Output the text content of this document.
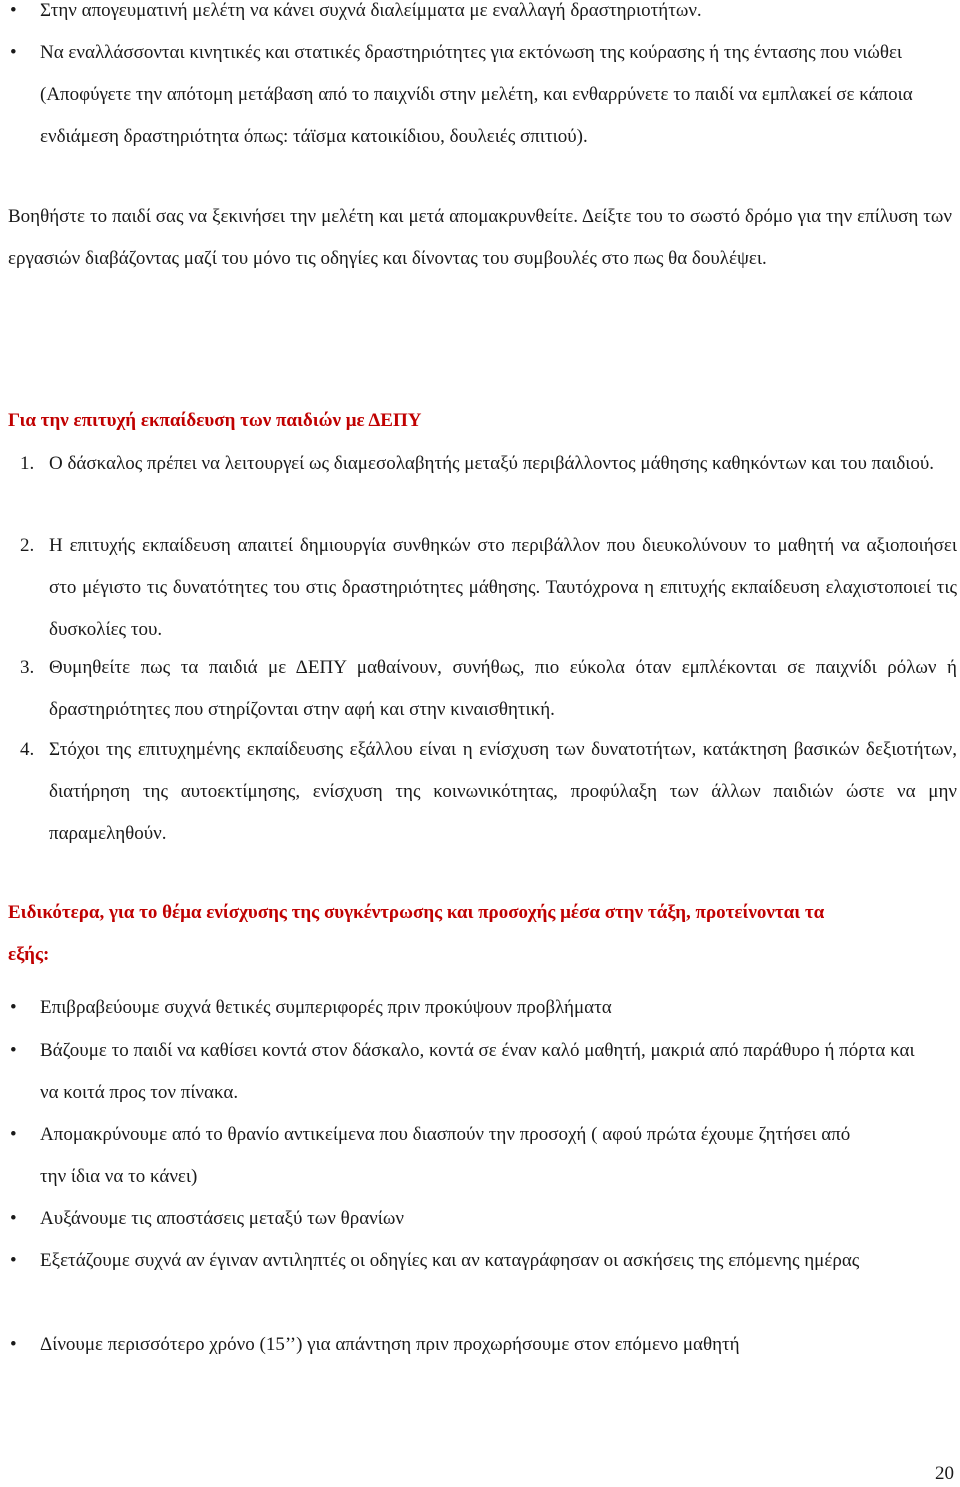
• Στην απογευματινή μελέτη να κάνει συχνά διαλείμματα με εναλλαγή δραστηριοτήτων.
• Να εναλλάσσονται κινητικές και στατικές δραστηριότητες για εκτόνωση της κούρασης ή της έντασης που νιώθει (Αποφύγετε την απότομη μετάβαση από το παιχνίδι στην μελέτη, και ενθαρρύνετε το παιδί να εμπλακεί σε κάποια ενδιάμεση δραστηριότητα όπως: τάϊσμα κατοικίδιου, δουλειές σπιτιού).
Βοηθήστε το παιδί σας να ξεκινήσει την μελέτη και μετά απομακρυνθείτε. Δείξτε του το σωστό δρόμο για την επίλυση των εργασιών διαβάζοντας μαζί του μόνο τις οδηγίες και δίνοντας του συμβουλές στο πως θα δουλέψει.
Για την επιτυχή εκπαίδευση των παιδιών με ΔΕΠΥ
1. Ο δάσκαλος πρέπει να λειτουργεί ως διαμεσολαβητής μεταξύ περιβάλλοντος μάθησης καθηκόντων και του παιδιού.
2. Η επιτυχής εκπαίδευση απαιτεί δημιουργία συνθηκών στο περιβάλλον που διευκολύνουν το μαθητή να αξιοποιήσει στο μέγιστο τις δυνατότητες του στις δραστηριότητες μάθησης. Ταυτόχρονα η επιτυχής εκπαίδευση ελαχιστοποιεί τις δυσκολίες του.
3. Θυμηθείτε πως τα παιδιά με ΔΕΠΥ μαθαίνουν, συνήθως, πιο εύκολα όταν εμπλέκονται σε παιχνίδι ρόλων ή δραστηριότητες που στηρίζονται στην αφή και στην κιναισθητική.
4. Στόχοι της επιτυχημένης εκπαίδευσης εξάλλου είναι η ενίσχυση των δυνατοτήτων, κατάκτηση βασικών δεξιοτήτων, διατήρηση της αυτοεκτίμησης, ενίσχυση της κοινωνικότητας, προφύλαξη των άλλων παιδιών ώστε να μην παραμεληθούν.
Ειδικότερα, για το θέμα ενίσχυσης της συγκέντρωσης και προσοχής μέσα στην τάξη, προτείνονται τα εξής:
• Επιβραβεύουμε συχνά θετικές συμπεριφορές πριν προκύψουν προβλήματα
• Βάζουμε το παιδί να καθίσει κοντά στον δάσκαλο, κοντά σε έναν καλό μαθητή, μακριά από παράθυρο ή πόρτα και να κοιτά προς τον πίνακα.
• Απομακρύνουμε από το θρανίο αντικείμενα που διασπούν την προσοχή ( αφού πρώτα έχουμε ζητήσει από την ίδια να το κάνει)
• Αυξάνουμε τις αποστάσεις μεταξύ των θρανίων
• Εξετάζουμε συχνά αν έγιναν αντιληπτές οι οδηγίες και αν καταγράφησαν οι ασκήσεις της επόμενης ημέρας
• Δίνουμε περισσότερο χρόνο (15’’) για απάντηση πριν προχωρήσουμε στον επόμενο μαθητή
20
